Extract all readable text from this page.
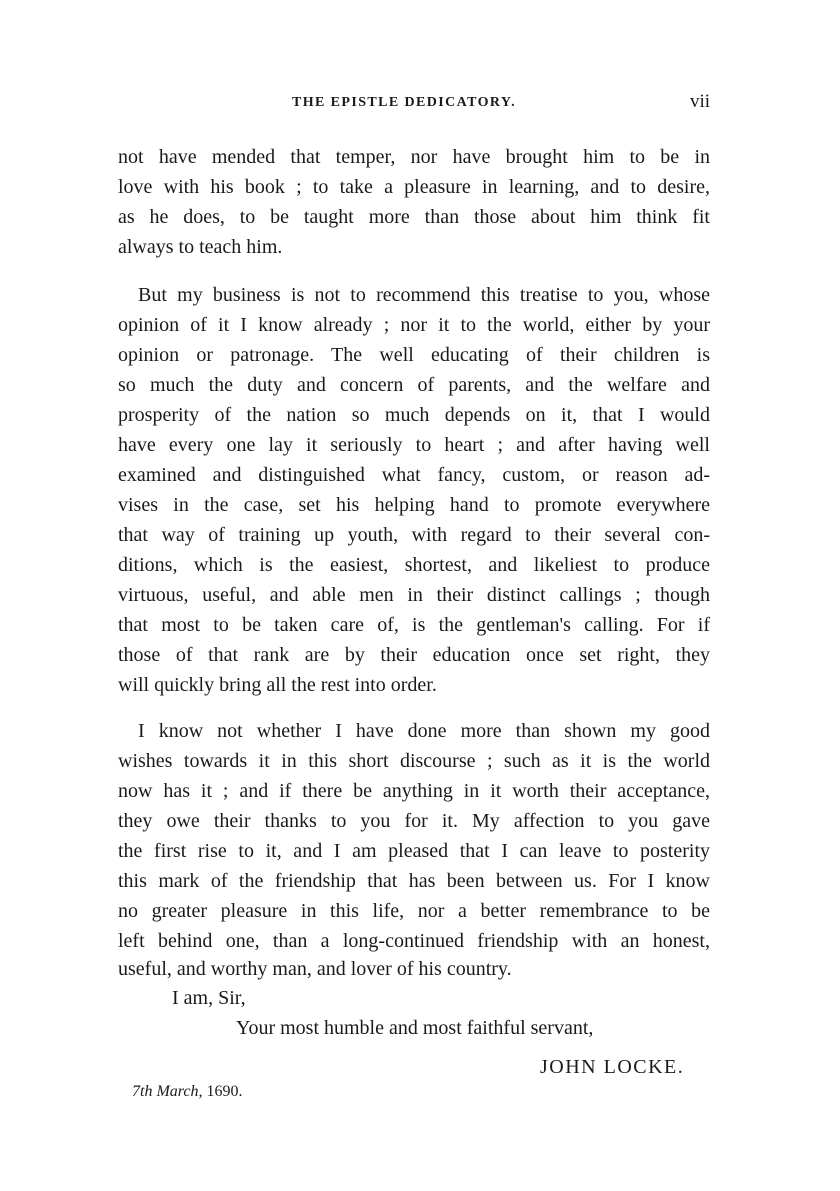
THE EPISTLE DEDICATORY.	vii
not have mended that temper, nor have brought him to be in
love with his book ; to take a pleasure in learning, and to desire,
as he does, to be taught more than those about him think fit
always to teach him.
But my business is not to recommend this treatise to you, whose
opinion of it I know already ; nor it to the world, either by your
opinion or patronage. The well educating of their children is
so much the duty and concern of parents, and the welfare and
prosperity of the nation so much depends on it, that I would
have every one lay it seriously to heart ; and after having well
examined and distinguished what fancy, custom, or reason ad-
vises in the case, set his helping hand to promote everywhere
that way of training up youth, with regard to their several con-
ditions, which is the easiest, shortest, and likeliest to produce
virtuous, useful, and able men in their distinct callings ; though
that most to be taken care of, is the gentleman's calling. For if
those of that rank are by their education once set right, they
will quickly bring all the rest into order.
I know not whether I have done more than shown my good
wishes towards it in this short discourse ; such as it is the world
now has it ; and if there be anything in it worth their acceptance,
they owe their thanks to you for it. My affection to you gave
the first rise to it, and I am pleased that I can leave to posterity
this mark of the friendship that has been between us. For I know
no greater pleasure in this life, nor a better remembrance to be
left behind one, than a long-continued friendship with an honest,
useful, and worthy man, and lover of his country.
I am, Sir,
Your most humble and most faithful servant,
JOHN LOCKE.
7th March, 1690.
